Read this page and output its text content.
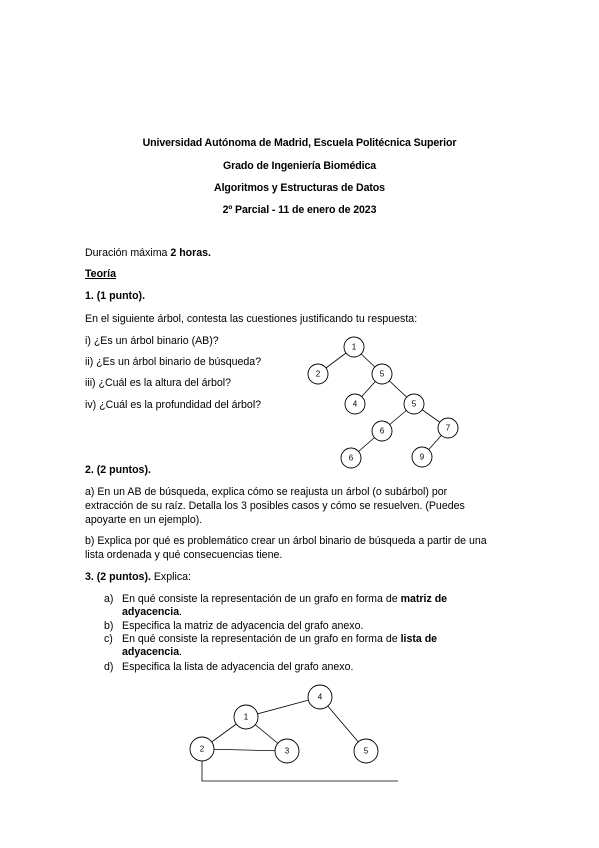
Universidad Autónoma de Madrid, Escuela Politécnica Superior
Grado de Ingeniería Biomédica
Algoritmos y Estructuras de Datos
2º Parcial - 11 de enero de 2023
Duración máxima 2 horas.
Teoría
1. (1 punto).
En el siguiente árbol, contesta las cuestiones justificando tu respuesta:
i) ¿Es un árbol binario (AB)?
ii) ¿Es un árbol binario de búsqueda?
iii) ¿Cuál es la altura del árbol?
iv) ¿Cuál es la profundidad del árbol?
1
2	5
4	5
6	7
6	9
2. (2 puntos).
a) En un AB de búsqueda, explica cómo se reajusta un árbol (o subárbol) por
extracción de su raíz. Detalla los 3 posibles casos y cómo se resuelven. (Puedes
apoyarte en un ejemplo).
b) Explica por qué es problemático crear un árbol binario de búsqueda a partir de una
lista ordenada y qué consecuencias tiene.
3. (2 puntos). Explica:
a) En qué consiste la representación de un grafo en forma de matriz de
adyacencia.
b) Especifica la matriz de adyacencia del grafo anexo.
c) En qué consiste la representación de un grafo en forma de lista de
adyacencia.
d) Especifica la lista de adyacencia del grafo anexo.
1
2	3
4
5
